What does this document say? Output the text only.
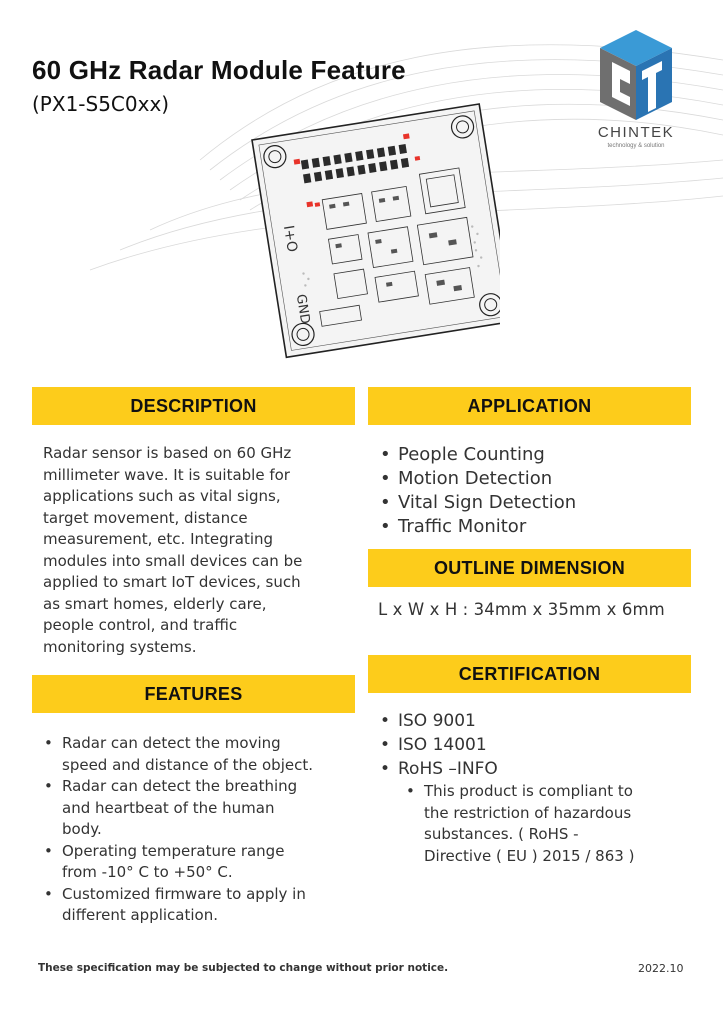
60 GHz Radar Module Feature
(PX1-S5C0xx)
CHINTEK
technology & solution
I+O
GND
DESCRIPTION
Radar sensor is based on 60 GHz
millimeter wave. It is suitable for
applications such as vital signs,
target movement, distance
measurement, etc. Integrating
modules into small devices can be
applied to smart IoT devices, such
as smart homes, elderly care,
people control, and traffic
monitoring systems.
APPLICATION
• People Counting
• Motion Detection
• Vital Sign Detection
• Traffic Monitor
OUTLINE DIMENSION
L x W x H : 34mm x 35mm x 6mm
FEATURES
• Radar can detect the moving
speed and distance of the object.
• Radar can detect the breathing
and heartbeat of the human
body.
• Operating temperature range
from -10° C to +50° C.
• Customized firmware to apply in
different application.
CERTIFICATION
• ISO 9001
• ISO 14001
• RoHS –INFO
• This product is compliant to
the restriction of hazardous
substances. ( RoHS -
Directive ( EU ) 2015 / 863 )
These specification may be subjected to change without prior notice.	2022.10
